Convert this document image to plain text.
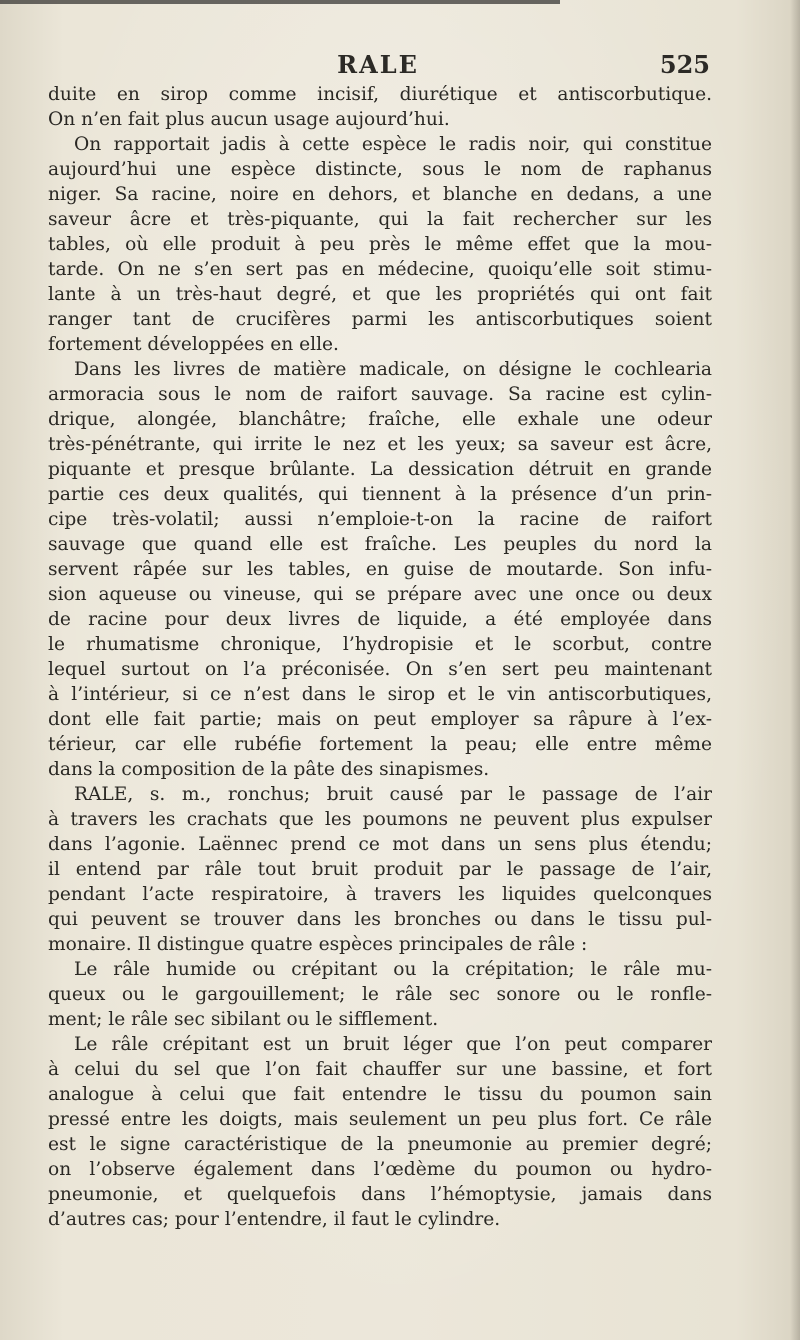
RALE	525
duite en sirop comme incisif, diurétique et antiscorbutique.
On n’en fait plus aucun usage aujourd’hui.
On rapportait jadis à cette espèce le radis noir, qui constitue
aujourd’hui une espèce distincte, sous le nom de raphanus
niger. Sa racine, noire en dehors, et blanche en dedans, a une
saveur âcre et très-piquante, qui la fait rechercher sur les
tables, où elle produit à peu près le même effet que la mou-
tarde. On ne s’en sert pas en médecine, quoiqu’elle soit stimu-
lante à un très-haut degré, et que les propriétés qui ont fait
ranger tant de crucifères parmi les antiscorbutiques soient
fortement développées en elle.
Dans les livres de matière madicale, on désigne le cochlearia
armoracia sous le nom de raifort sauvage. Sa racine est cylin-
drique, alongée, blanchâtre; fraîche, elle exhale une odeur
très-pénétrante, qui irrite le nez et les yeux; sa saveur est âcre,
piquante et presque brûlante. La dessication détruit en grande
partie ces deux qualités, qui tiennent à la présence d’un prin-
cipe très-volatil; aussi n’emploie-t-on la racine de raifort
sauvage que quand elle est fraîche. Les peuples du nord la
servent râpée sur les tables, en guise de moutarde. Son infu-
sion aqueuse ou vineuse, qui se prépare avec une once ou deux
de racine pour deux livres de liquide, a été employée dans
le rhumatisme chronique, l’hydropisie et le scorbut, contre
lequel surtout on l’a préconisée. On s’en sert peu maintenant
à l’intérieur, si ce n’est dans le sirop et le vin antiscorbutiques,
dont elle fait partie; mais on peut employer sa râpure à l’ex-
térieur, car elle rubéfie fortement la peau; elle entre même
dans la composition de la pâte des sinapismes.
RALE, s. m., ronchus; bruit causé par le passage de l’air
à travers les crachats que les poumons ne peuvent plus expulser
dans l’agonie. Laënnec prend ce mot dans un sens plus étendu;
il entend par râle tout bruit produit par le passage de l’air,
pendant l’acte respiratoire, à travers les liquides quelconques
qui peuvent se trouver dans les bronches ou dans le tissu pul-
monaire. Il distingue quatre espèces principales de râle :
Le râle humide ou crépitant ou la crépitation; le râle mu-
queux ou le gargouillement; le râle sec sonore ou le ronfle-
ment; le râle sec sibilant ou le sifflement.
Le râle crépitant est un bruit léger que l’on peut comparer
à celui du sel que l’on fait chauffer sur une bassine, et fort
analogue à celui que fait entendre le tissu du poumon sain
pressé entre les doigts, mais seulement un peu plus fort. Ce râle
est le signe caractéristique de la pneumonie au premier degré;
on l’observe également dans l’œdème du poumon ou hydro-
pneumonie, et quelquefois dans l’hémoptysie, jamais dans
d’autres cas; pour l’entendre, il faut le cylindre.
